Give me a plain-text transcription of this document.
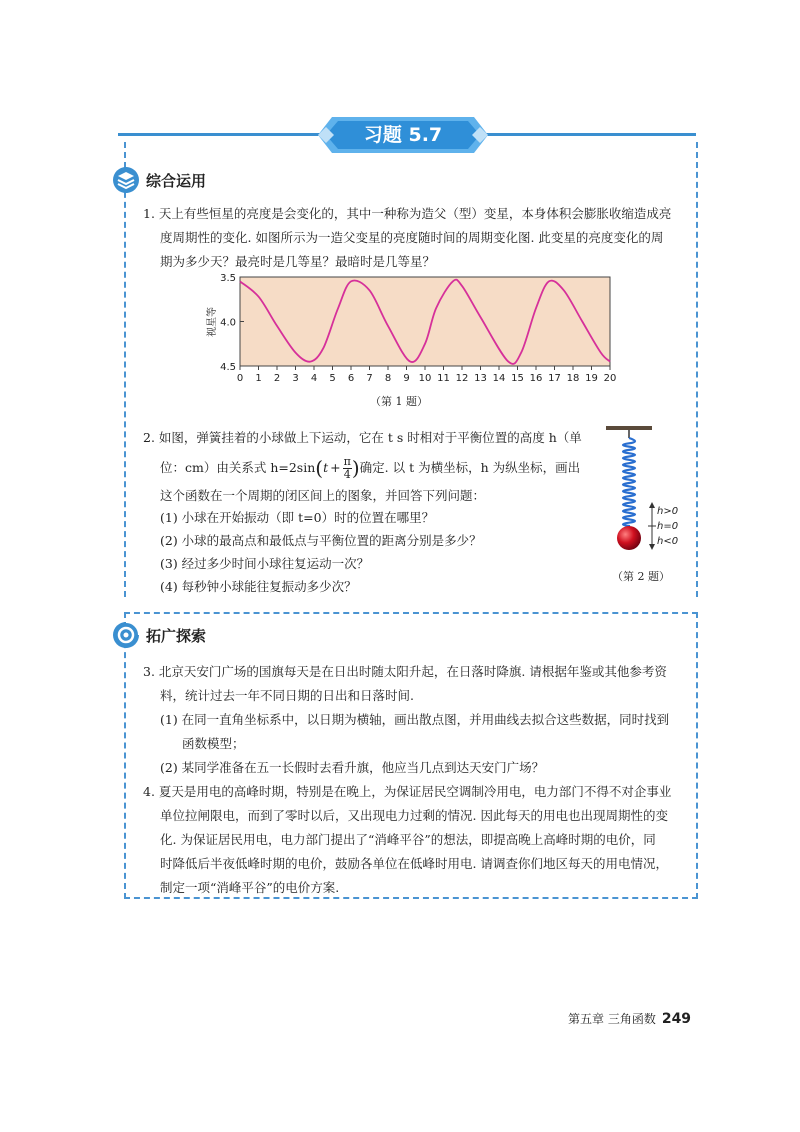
习题 5.7
综合运用
1. 天上有些恒星的亮度是会变化的，其中一种称为造父（型）变星，本身体积会膨胀收缩造成亮
度周期性的变化. 如图所示为一造父变星的亮度随时间的周期变化图. 此变星的亮度变化的周
期为多少天？最亮时是几等星？最暗时是几等星？
0 1 2 3 4 5 6 7 8 9 10 11 12 13 14 15 16 17 18 19 20
3.5
4.0
4.5
视星等
（第 1 题）
2. 如图，弹簧挂着的小球做上下运动，它在 t s 时相对于平衡位置的高度 h（单
位：cm）由关系式 $h=2\sin(t + \frac{\pi}{4}$ )确定. 以 t 为横坐标，h 为纵坐标，画出
这个函数在一个周期的闭区间上的图象，并回答下列问题：
(1) 小球在开始振动（即 t=0）时的位置在哪里？
(2) 小球的最高点和最低点与平衡位置的距离分别是多少？
(3) 经过多少时间小球往复运动一次？
(4) 每秒钟小球能往复振动多少次？
h>0
h=0
h<0
（第 2 题）
拓广探索
3. 北京天安门广场的国旗每天是在日出时随太阳升起，在日落时降旗. 请根据年鉴或其他参考资
料，统计过去一年不同日期的日出和日落时间.
(1) 在同一直角坐标系中，以日期为横轴，画出散点图，并用曲线去拟合这些数据，同时找到
函数模型；
(2) 某同学准备在五一长假时去看升旗，他应当几点到达天安门广场？
4. 夏天是用电的高峰时期，特别是在晚上，为保证居民空调制冷用电，电力部门不得不对企事业
单位拉闸限电，而到了零时以后，又出现电力过剩的情况. 因此每天的用电也出现周期性的变
化. 为保证居民用电，电力部门提出了“消峰平谷”的想法，即提高晚上高峰时期的电价，同
时降低后半夜低峰时期的电价，鼓励各单位在低峰时用电. 请调查你们地区每天的用电情况，
制定一项“消峰平谷”的电价方案.
第五章 三角函数 249
